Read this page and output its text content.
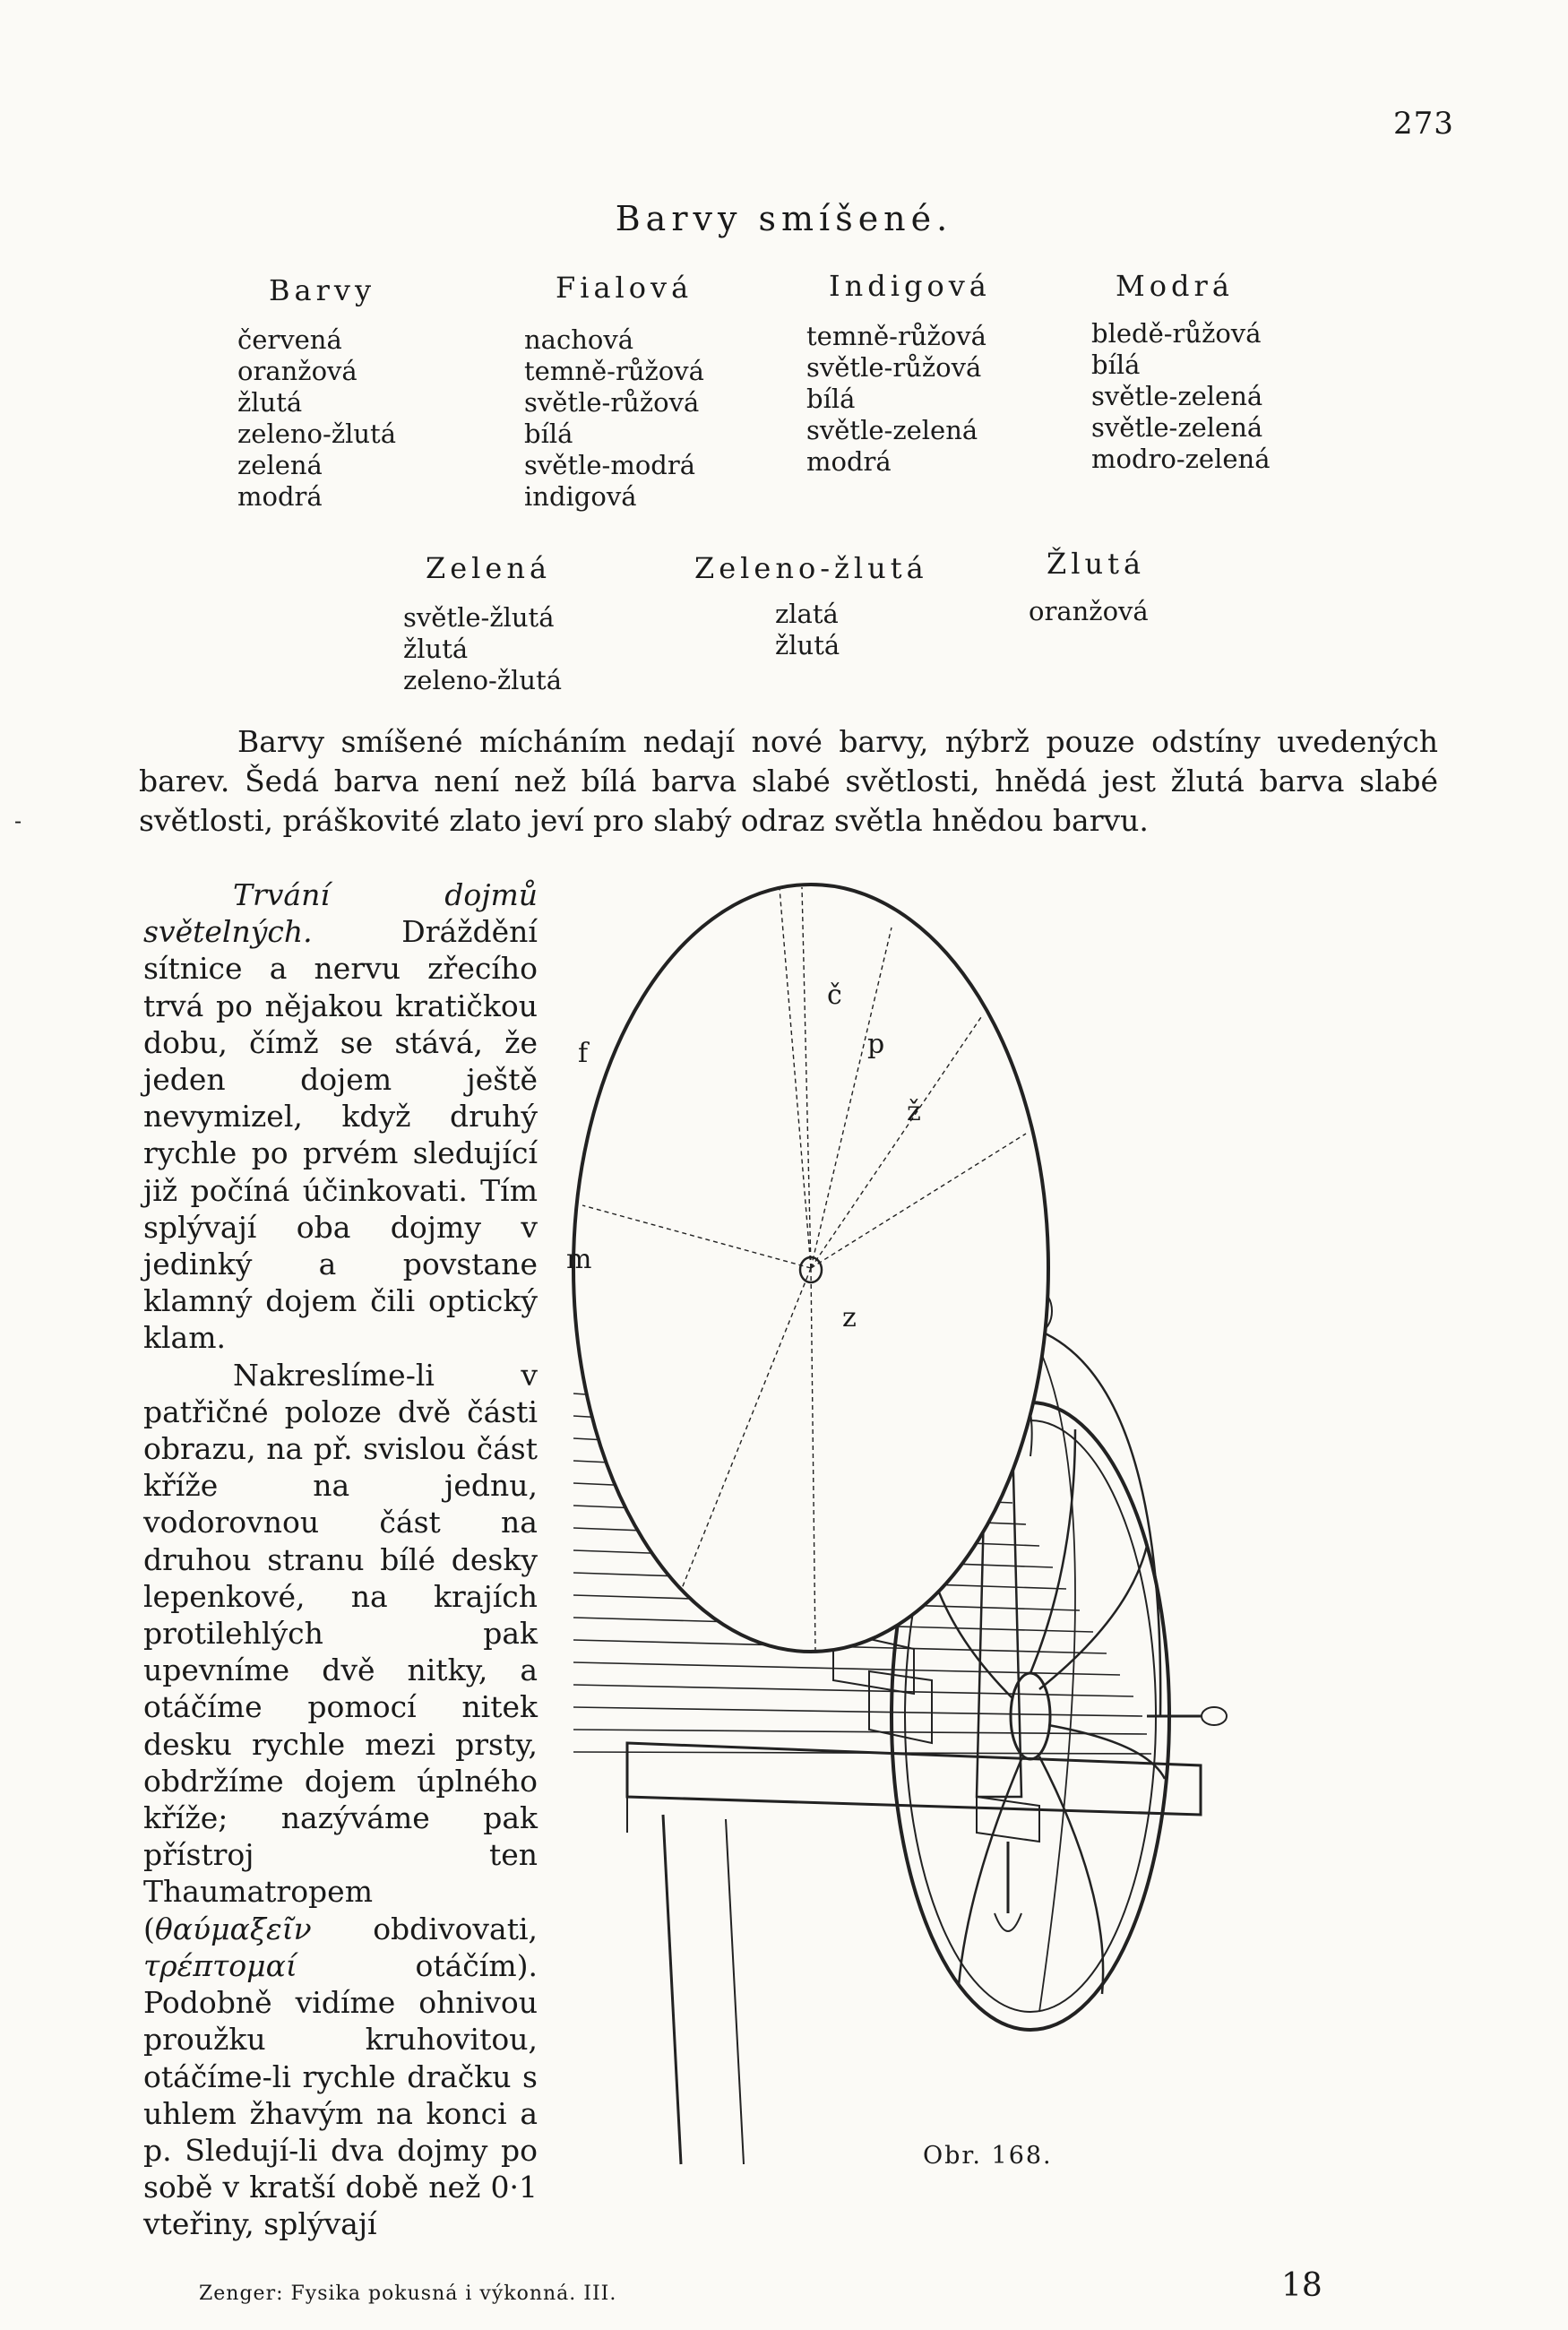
273
-
Barvy smíšené.
Barvy
červená
oranžová
žlutá
zeleno-žlutá
zelená
modrá
Fialová
nachová
temně-růžová
světle-růžová
bílá
světle-modrá
indigová
Indigová
temně-růžová
světle-růžová
bílá
světle-zelená
modrá
Modrá
bledě-růžová
bílá
světle-zelená
světle-zelená
modro-zelená
Zelená
světle-žlutá
žlutá
zeleno-žlutá
Zeleno-žlutá
zlatá
žlutá
Žlutá
oranžová

Barvy smíšené mícháním nedají nové barvy, nýbrž pouze odstíny uvedených barev. Šedá barva není než bílá barva slabé světlosti, hnědá jest žlutá barva slabé světlosti, práškovité zlato jeví pro slabý odraz světla hnědou barvu.

Trvání dojmů světelných.	Dráždění sítnice a nervu zřecího trvá po nějakou kratičkou dobu, čímž se stává, že jeden dojem ještě nevymizel, když druhý rychle po prvém sledující již počíná účinkovati. Tím splývají oba dojmy v jedinký a povstane klamný dojem čili optický klam.

Nakreslíme-li v patřičné poloze dvě části obrazu, na př. svislou část kříže na jednu, vodorovnou část na druhou stranu bílé desky lepenkové, na krajích protilehlých pak upevníme dvě nitky, a otáčíme pomocí nitek desku rychle mezi prsty, obdržíme dojem úplného kříže; nazýváme pak přístroj ten Thaumatropem (θαύμαξεῖν obdivovati, τρέπτομαί otáčím). Podobně vidíme ohnivou proužku kruhovitou, otáčíme-li rychle dračku s uhlem žhavým na konci a p. Sledují-li dva dojmy po sobě v kratší době než 0·1 vteřiny, splývají

f
č
p
ž
m
z
Obr. 168.
Zenger: Fysika pokusná i výkonná. III.	18
